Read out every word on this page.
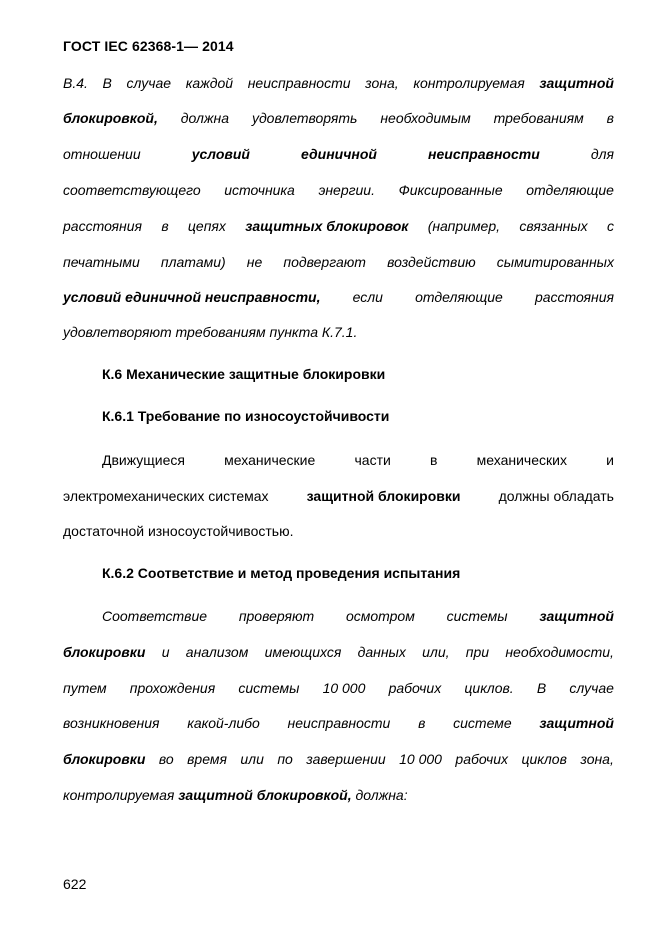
ГОСТ IEC 62368-1— 2014
В.4. В случае каждой неисправности зона, контролируемая защитной
блокировкой, должна удовлетворять необходимым требованиям в
отношении	условий	единичной	неисправности	для
соответствующего источника энергии. Фиксированные отделяющие
расстояния в цепях защитных блокировок (например, связанных с
печатными платами) не подвергают воздействию сымитированных
условий единичной неисправности, если отделяющие расстояния
удовлетворяют требованиям пункта К.7.1.
К.6 Механические защитные блокировки
К.6.1 Требование по износоустойчивости
Движущиеся	механические	части	в	механических	и
электромеханических системах	защитной блокировки	должны обладать
достаточной износоустойчивостью.
К.6.2 Соответствие и метод проведения испытания
Соответствие проверяют осмотром системы защитной
блокировки и анализом имеющихся данных или, при необходимости,
путем прохождения системы 10 000 рабочих циклов. В случае
возникновения какой-либо неисправности в системе защитной
блокировки во время или по завершении 10 000 рабочих циклов зона,
контролируемая защитной блокировкой, должна:
622
